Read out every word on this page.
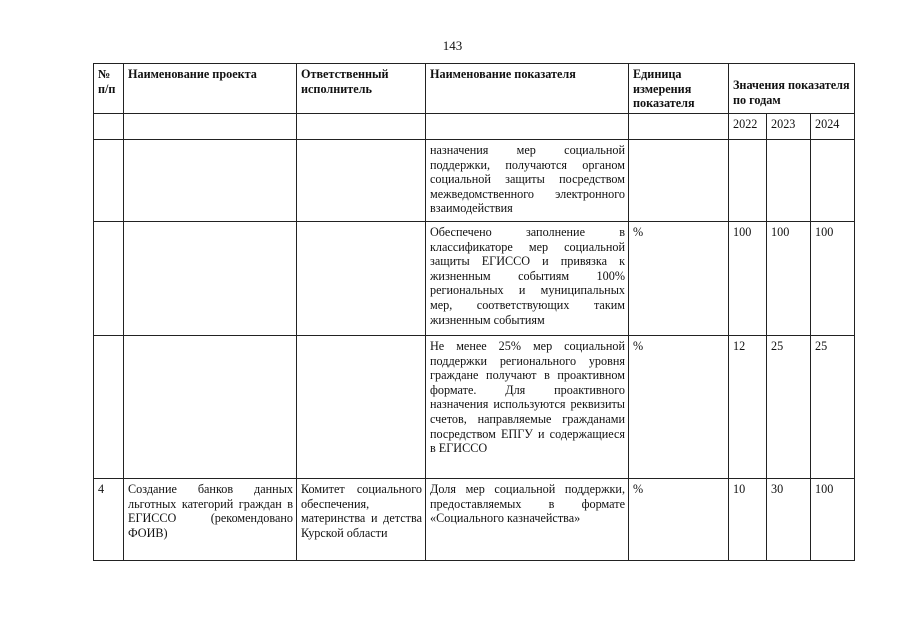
143
№ п/п	Наименование проекта	Ответственный исполнитель	Наименование показателя	Единица измерения показателя	Значения показателя по годам		
					2022	2023	2024
			назначения мер социальной поддержки, получаются органом социальной защиты посредством межведомственного электронного взаимодействия				
			Обеспечено заполнение в классификаторе мер социальной защиты ЕГИССО и привязка к жизненным событиям 100% региональных и муниципальных мер, соответствующих таким жизненным событиям	%	100	100	100
			Не менее 25% мер социальной поддержки регионального уровня граждане получают в проактивном формате. Для проактивного назначения используются реквизиты счетов, направляемые гражданами посредством ЕПГУ и содержащиеся в ЕГИССО	%	12	25	25
4	Создание банков данных льготных категорий граждан в ЕГИССО (рекомендовано ФОИВ)	Комитет социального обеспечения, материнства и детства Курской области	Доля мер социальной поддержки, предоставляемых в формате «Социального казначейства»	%	10	30	100
